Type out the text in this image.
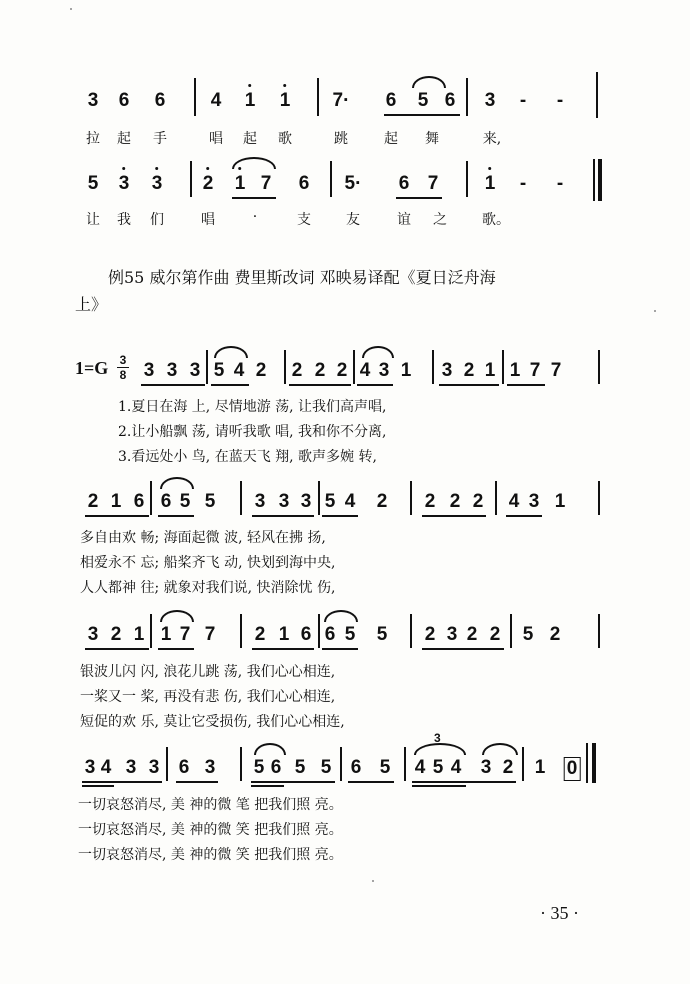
3 6 6 4 1 1 7· 6 5 6 3 - -
拉 起 手	唱 起 歌	跳	起 舞	来,
5 3 3 2 1 7 6 5· 6 7 1 - -
让 我 们	唱	·	支	友	谊 之	歌。
例55 威尔第作曲 费里斯改词 邓映易译配《夏日泛舟海
上》
1=G 3
8 3 3 3 5 4 2 2 2 2 4 3 1 3 2 1 1 7 7
1.夏日在海 上, 尽情地游 荡, 让我们高声唱,
2.让小船飘 荡, 请听我歌 唱, 我和你不分离,
3.看远处小 鸟, 在蓝天飞 翔, 歌声多婉 转,
2 1 6 6 5 5 3 3 3 5 4 2 2 2 2 4 3 1
多自由欢 畅; 海面起微 波, 轻风在拂 扬,
相爱永不 忘; 船桨齐飞 动, 快划到海中央,
人人都神 往; 就象对我们说, 快消除忧 伤,
3 2 1 1 7 7 2 1 6 6 5 5 2 3 2 2 5 2
银波儿闪 闪, 浪花儿跳 荡, 我们心心相连,
一桨又一 桨, 再没有悲 伤, 我们心心相连,
短促的欢 乐, 莫让它受损伤, 我们心心相连,
3 4 3 3 6 3 5 6 5 5 6 5 4 5 4 3 2
3
1 0
一切哀怒消尽, 美 神的微 笔 把我们照 亮。
一切哀怒消尽, 美 神的微 笑 把我们照 亮。
一切哀怒消尽, 美 神的微 笑 把我们照 亮。
· 35 ·
